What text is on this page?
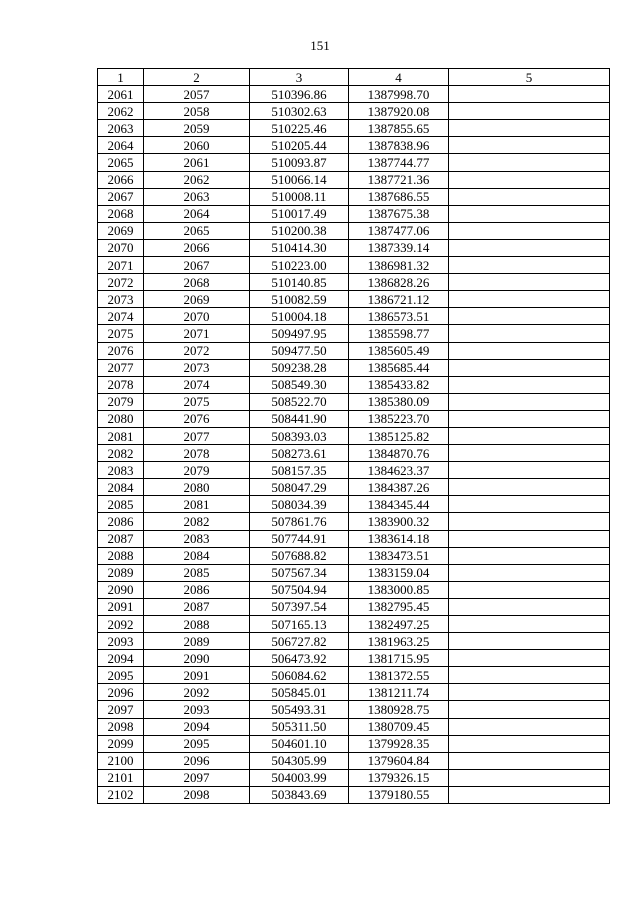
151
1	2	3	4	5
2061	2057	510396.86	1387998.70	
2062	2058	510302.63	1387920.08	
2063	2059	510225.46	1387855.65	
2064	2060	510205.44	1387838.96	
2065	2061	510093.87	1387744.77	
2066	2062	510066.14	1387721.36	
2067	2063	510008.11	1387686.55	
2068	2064	510017.49	1387675.38	
2069	2065	510200.38	1387477.06	
2070	2066	510414.30	1387339.14	
2071	2067	510223.00	1386981.32	
2072	2068	510140.85	1386828.26	
2073	2069	510082.59	1386721.12	
2074	2070	510004.18	1386573.51	
2075	2071	509497.95	1385598.77	
2076	2072	509477.50	1385605.49	
2077	2073	509238.28	1385685.44	
2078	2074	508549.30	1385433.82	
2079	2075	508522.70	1385380.09	
2080	2076	508441.90	1385223.70	
2081	2077	508393.03	1385125.82	
2082	2078	508273.61	1384870.76	
2083	2079	508157.35	1384623.37	
2084	2080	508047.29	1384387.26	
2085	2081	508034.39	1384345.44	
2086	2082	507861.76	1383900.32	
2087	2083	507744.91	1383614.18	
2088	2084	507688.82	1383473.51	
2089	2085	507567.34	1383159.04	
2090	2086	507504.94	1383000.85	
2091	2087	507397.54	1382795.45	
2092	2088	507165.13	1382497.25	
2093	2089	506727.82	1381963.25	
2094	2090	506473.92	1381715.95	
2095	2091	506084.62	1381372.55	
2096	2092	505845.01	1381211.74	
2097	2093	505493.31	1380928.75	
2098	2094	505311.50	1380709.45	
2099	2095	504601.10	1379928.35	
2100	2096	504305.99	1379604.84	
2101	2097	504003.99	1379326.15	
2102	2098	503843.69	1379180.55	
